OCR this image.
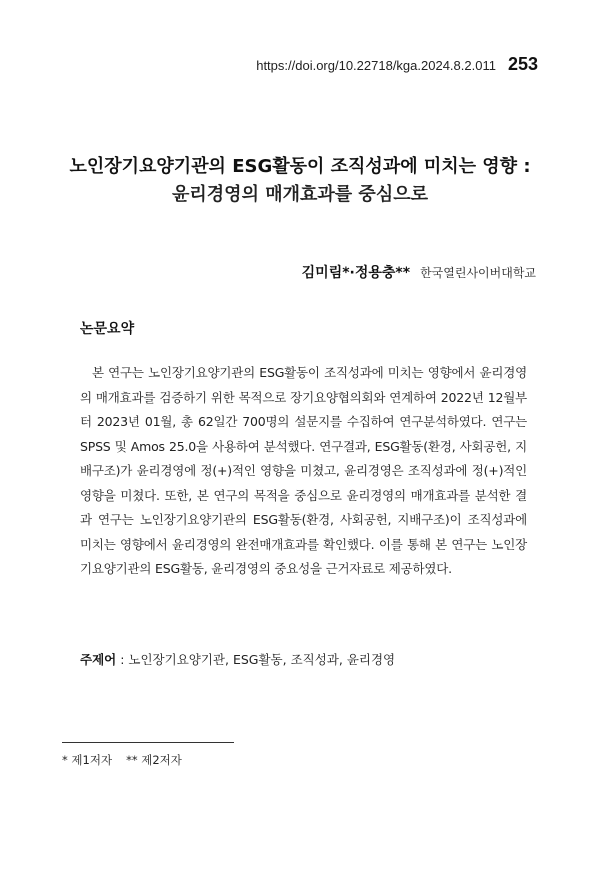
https://doi.org/10.22718/kga.2024.8.2.011 253
노인장기요양기관의 ESG활동이 조직성과에 미치는 영향 :
윤리경영의 매개효과를 중심으로
김미림*·정용충** 한국열린사이버대학교
논문요약

본 연구는 노인장기요양기관의 ESG활동이 조직성과에 미치는 영향에서 윤리경영의 매개효과를 검증하기 위한 목적으로 장기요양협의회와 연계하여 2022년 12월부터 2023년 01월, 총 62일간 700명의 설문지를 수집하여 연구분석하였다. 연구는 SPSS 및 Amos 25.0을 사용하여 분석했다. 연구결과, ESG활동(환경, 사회공헌, 지배구조)가 윤리경영에 정(+)적인 영향을 미쳤고, 윤리경영은 조직성과에 정(+)적인 영향을 미쳤다. 또한, 본 연구의 목적을 중심으로 윤리경영의 매개효과를 분석한 결과 연구는 노인장기요양기관의 ESG활동(환경, 사회공헌, 지배구조)이 조직성과에 미치는 영향에서 윤리경영의 완전매개효과를 확인했다. 이를 통해 본 연구는 노인장기요양기관의 ESG활동, 윤리경영의 중요성을 근거자료로 제공하였다.

주제어 : 노인장기요양기관, ESG활동, 조직성과, 윤리경영
* 제1저자 ** 제2저자
